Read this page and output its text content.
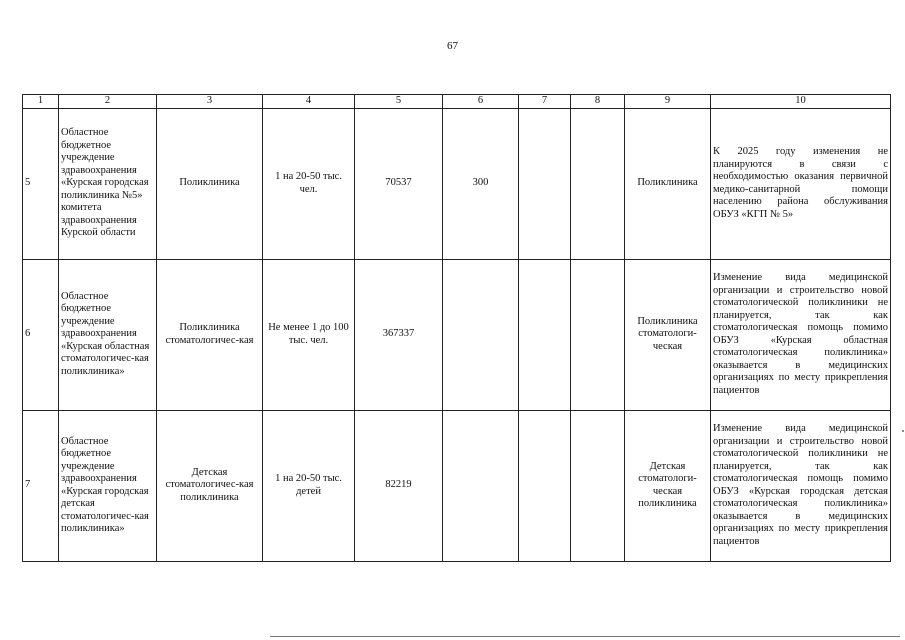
67
1	2	3	4	5	6	7	8	9	10
5	Областное бюджетное учреждение здравоохранения «Курская городская поликлиника №5» комитета здравоохранения Курской области	Поликлиника	1 на 20-50 тыс. чел.	70537	300			Поликлиника	К 2025 году изменения не планируются в связи с необходимостью оказания первичной медико-санитарной помощи населению района обслуживания ОБУЗ «КГП № 5»
6	Областное бюджетное учреждение здравоохранения «Курская областная стоматологичес-кая поликлиника»	Поликлиника стоматологичес-кая	Не менее 1 до 100 тыс. чел.	367337				Поликлиника стоматологи-ческая	Изменение вида медицинской организации и строительство новой стоматологической поликлиники не планируется, так как стоматологическая помощь помимо ОБУЗ «Курская областная стоматологическая поликлиника» оказывается в медицинских организациях по месту прикрепления пациентов
7	Областное бюджетное учреждение здравоохранения «Курская городская детская стоматологичес-кая поликлиника»	Детская стоматологичес-кая поликлиника	1 на 20-50 тыс. детей	82219				Детская стоматологи-ческая поликлиника	Изменение вида медицинской организации и строительство новой стоматологической поликлиники не планируется, так как стоматологическая помощь помимо ОБУЗ «Курская городская детская стоматологическая поликлиника» оказывается в медицинских организациях по месту прикрепления пациентов
